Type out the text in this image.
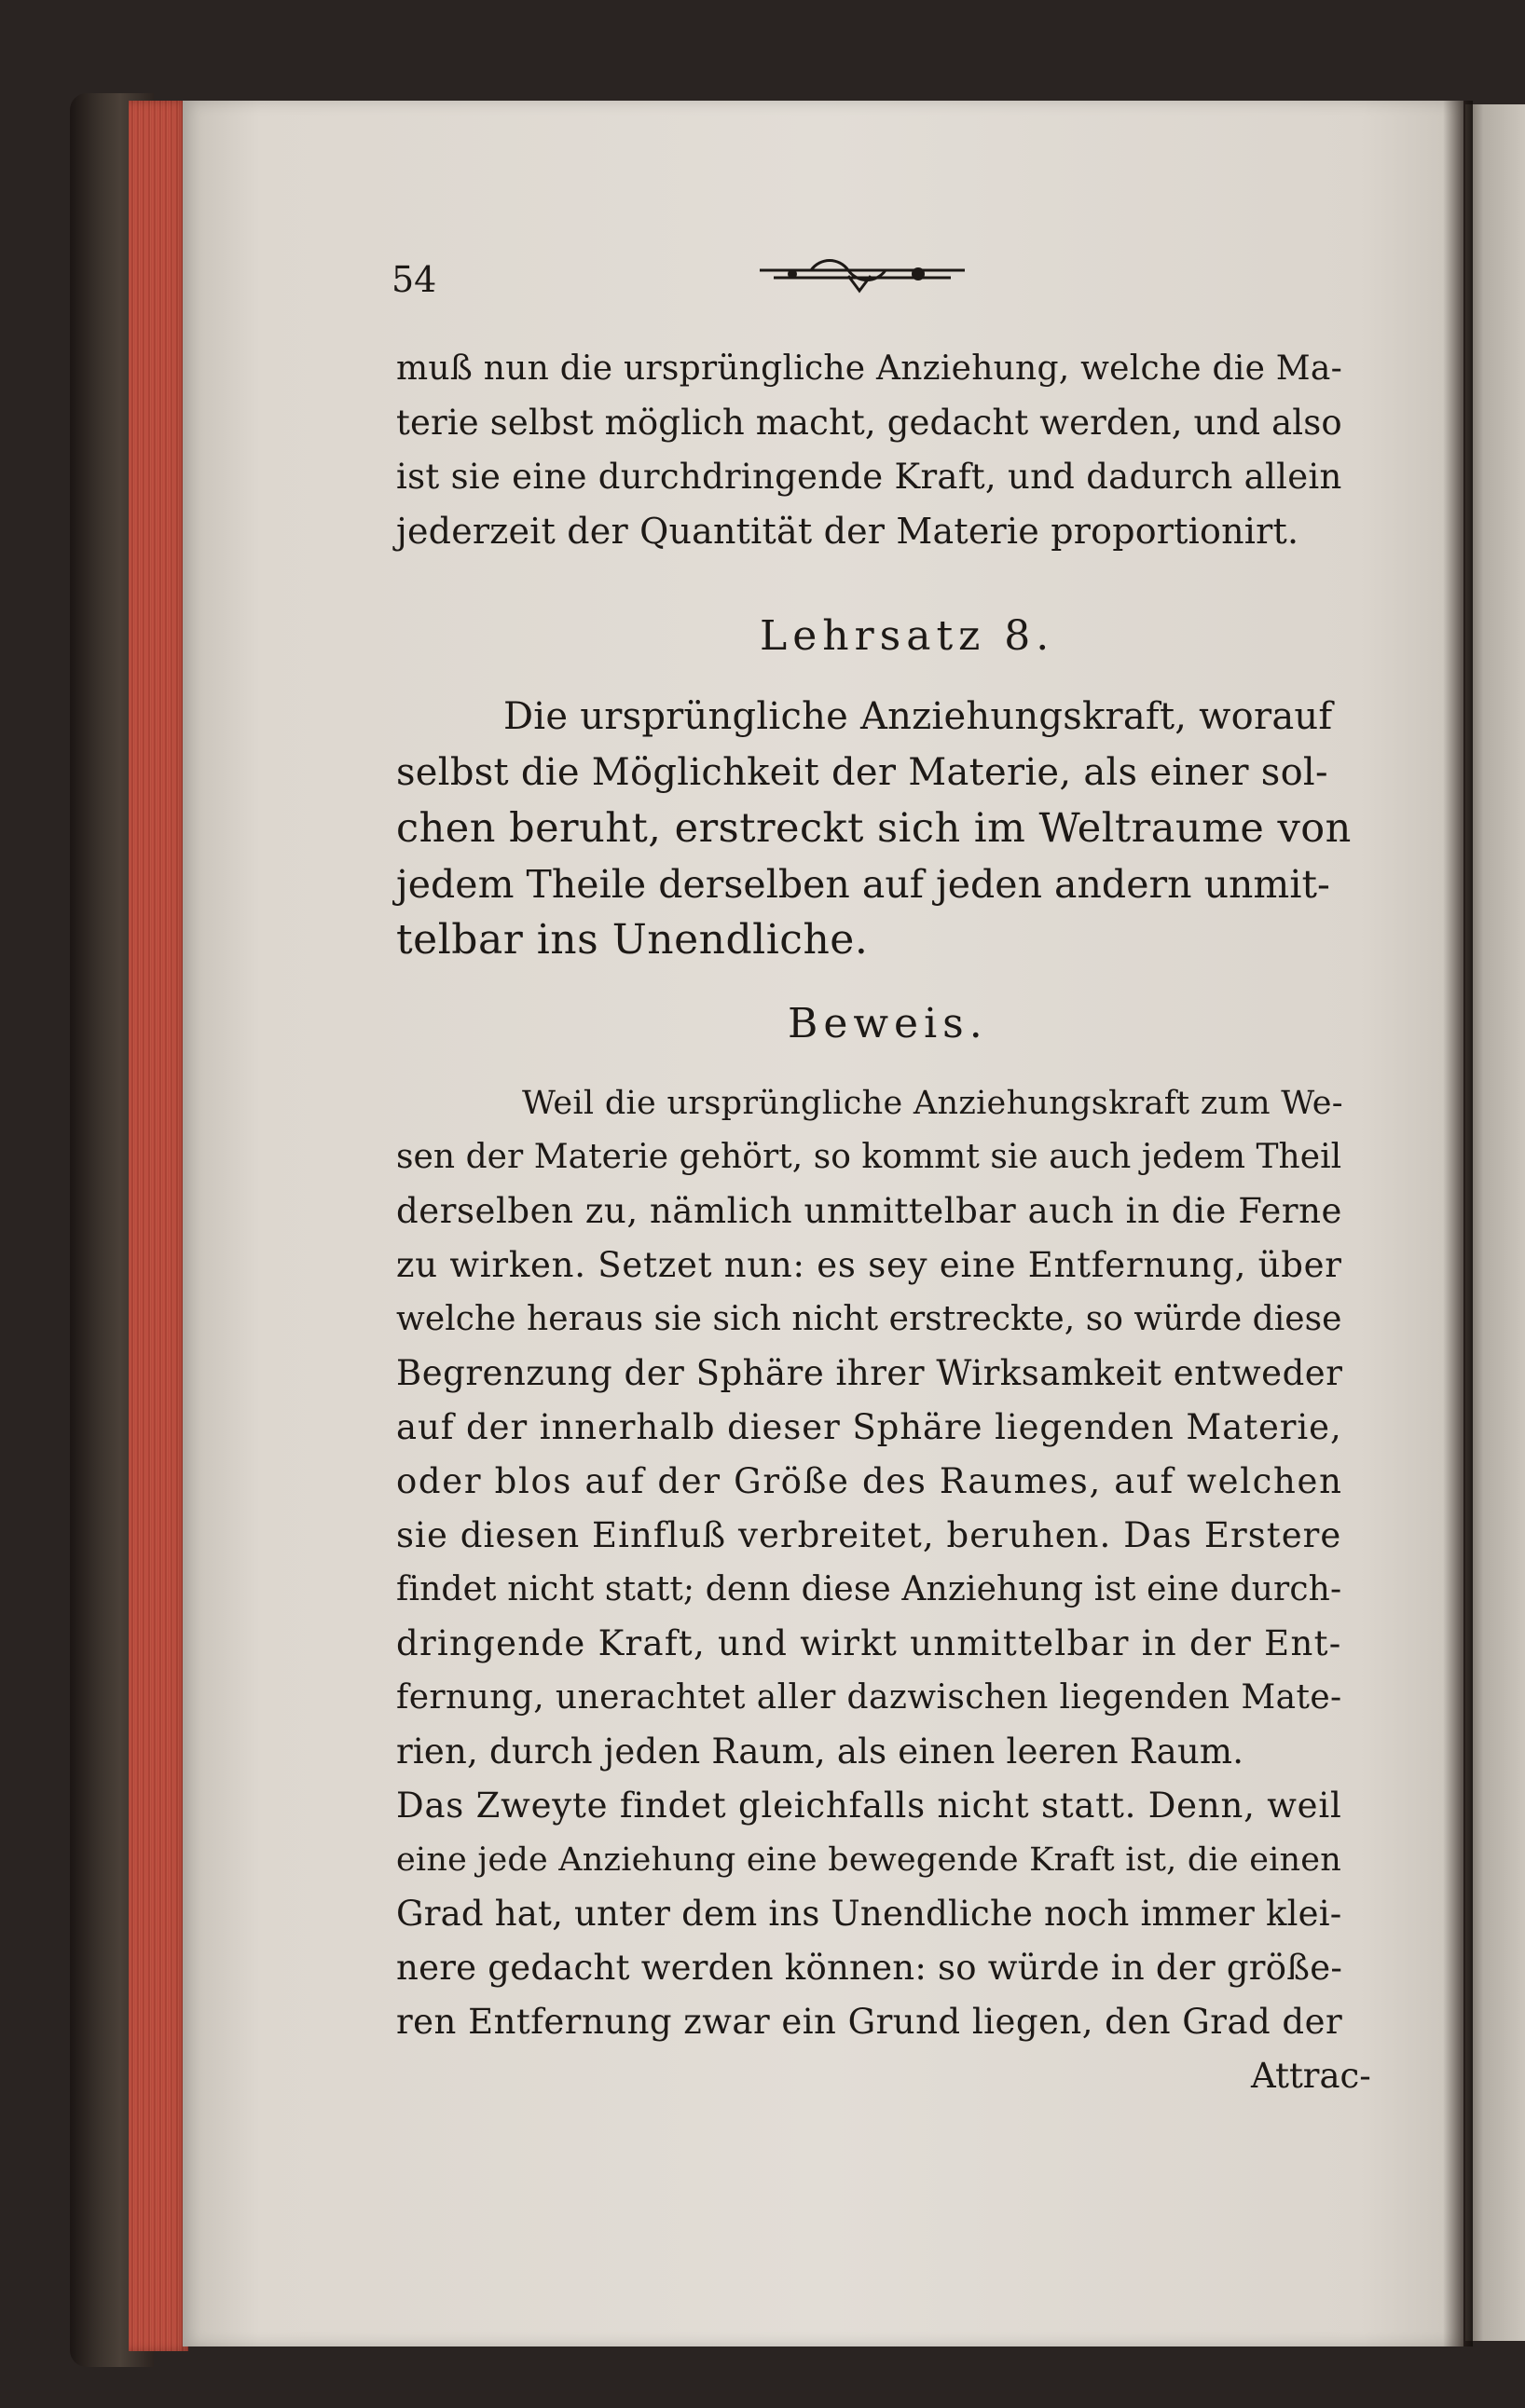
54
muß nun die ursprüngliche Anziehung, welche die Ma-
terie selbst möglich macht, gedacht werden, und also
ist sie eine durchdringende Kraft, und dadurch allein
jederzeit der Quantität der Materie proportionirt.
Lehrsatz 8.
Die ursprüngliche Anziehungskraft, worauf
selbst die Möglichkeit der Materie, als einer sol-
chen beruht, erstreckt sich im Weltraume von
jedem Theile derselben auf jeden andern unmit-
telbar ins Unendliche.
Beweis.
Weil die ursprüngliche Anziehungskraft zum We-
sen der Materie gehört, so kommt sie auch jedem Theil
derselben zu, nämlich unmittelbar auch in die Ferne
zu wirken. Setzet nun: es sey eine Entfernung, über
welche heraus sie sich nicht erstreckte, so würde diese
Begrenzung der Sphäre ihrer Wirksamkeit entweder
auf der innerhalb dieser Sphäre liegenden Materie,
oder blos auf der Größe des Raumes, auf welchen
sie diesen Einfluß verbreitet, beruhen. Das Erstere
findet nicht statt; denn diese Anziehung ist eine durch-
dringende Kraft, und wirkt unmittelbar in der Ent-
fernung, unerachtet aller dazwischen liegenden Mate-
rien, durch jeden Raum, als einen leeren Raum.
Das Zweyte findet gleichfalls nicht statt. Denn, weil
eine jede Anziehung eine bewegende Kraft ist, die einen
Grad hat, unter dem ins Unendliche noch immer klei-
nere gedacht werden können: so würde in der größe-
ren Entfernung zwar ein Grund liegen, den Grad der
Attrac-
